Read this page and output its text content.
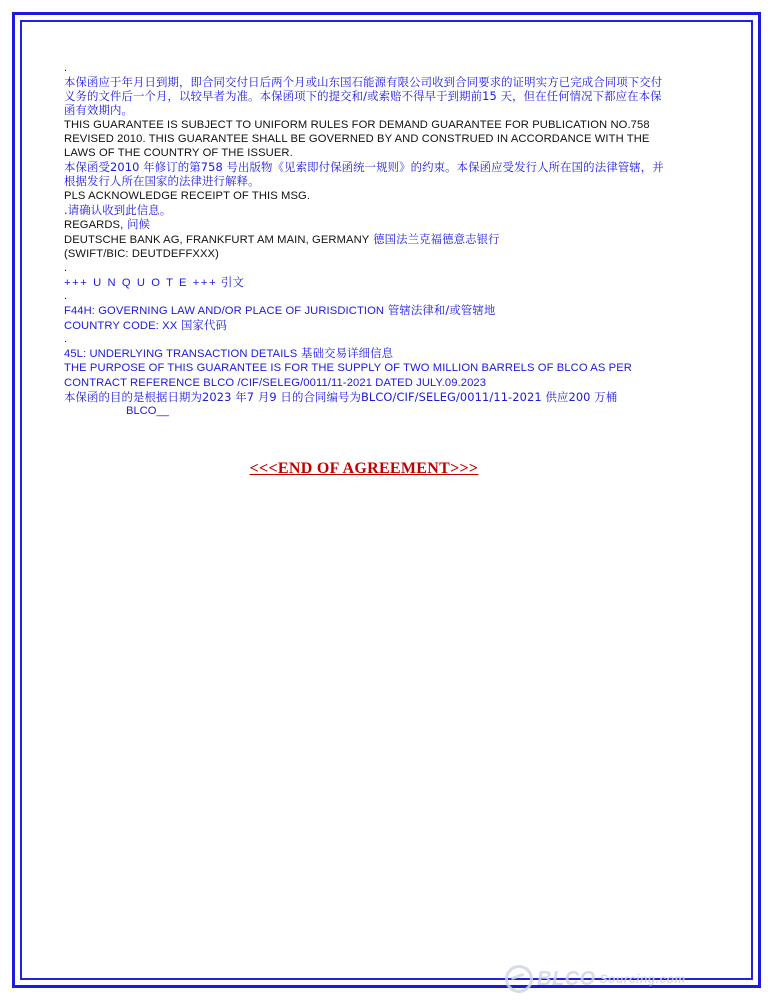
.
本保函应于年月日到期，即合同交付日后两个月或山东国石能源有限公司收到合同要求的证明实方已完成合同项下交付义务的文件后一个月，以较早者为准。本保函项下的提交和/或索赔不得早于到期前15 天，但在任何情况下都应在本保函有效期内。
THIS GUARANTEE IS SUBJECT TO UNIFORM RULES FOR DEMAND GUARANTEE FOR PUBLICATION NO.758 REVISED 2010. THIS GUARANTEE SHALL BE GOVERNED BY AND CONSTRUED IN ACCORDANCE WITH THE LAWS OF THE COUNTRY OF THE ISSUER.
本保函受2010 年修订的第758 号出版物《见索即付保函统一规则》的约束。本保函应受发行人所在国的法律管辖，并根据发行人所在国家的法律进行解释。
PLS ACKNOWLEDGE RECEIPT OF THIS MSG.
.请确认收到此信息。
REGARDS, 问候
DEUTSCHE BANK AG, FRANKFURT AM MAIN, GERMANY 德国法兰克福德意志银行
(SWIFT/BIC: DEUTDEFFXXX)
.
+++ U N Q U O T E +++ 引文
.
F44H: GOVERNING LAW AND/OR PLACE OF JURISDICTION 管辖法律和/或管辖地
COUNTRY CODE: XX 国家代码
.
45L: UNDERLYING TRANSACTION DETAILS 基础交易详细信息
THE PURPOSE OF THIS GUARANTEE IS FOR THE SUPPLY OF TWO MILLION BARRELS OF BLCO AS PER CONTRACT REFERENCE BLCO /CIF/SELEG/0011/11-2021 DATED JULY.09.2023
本保函的目的是根据日期为2023 年7 月9 日的合同编号为BLCO/CIF/SELEG/0011/11-2021 供应200 万桶
BLCO__
<<<END OF AGREEMENT>>>
BLCO Sourcing.com
